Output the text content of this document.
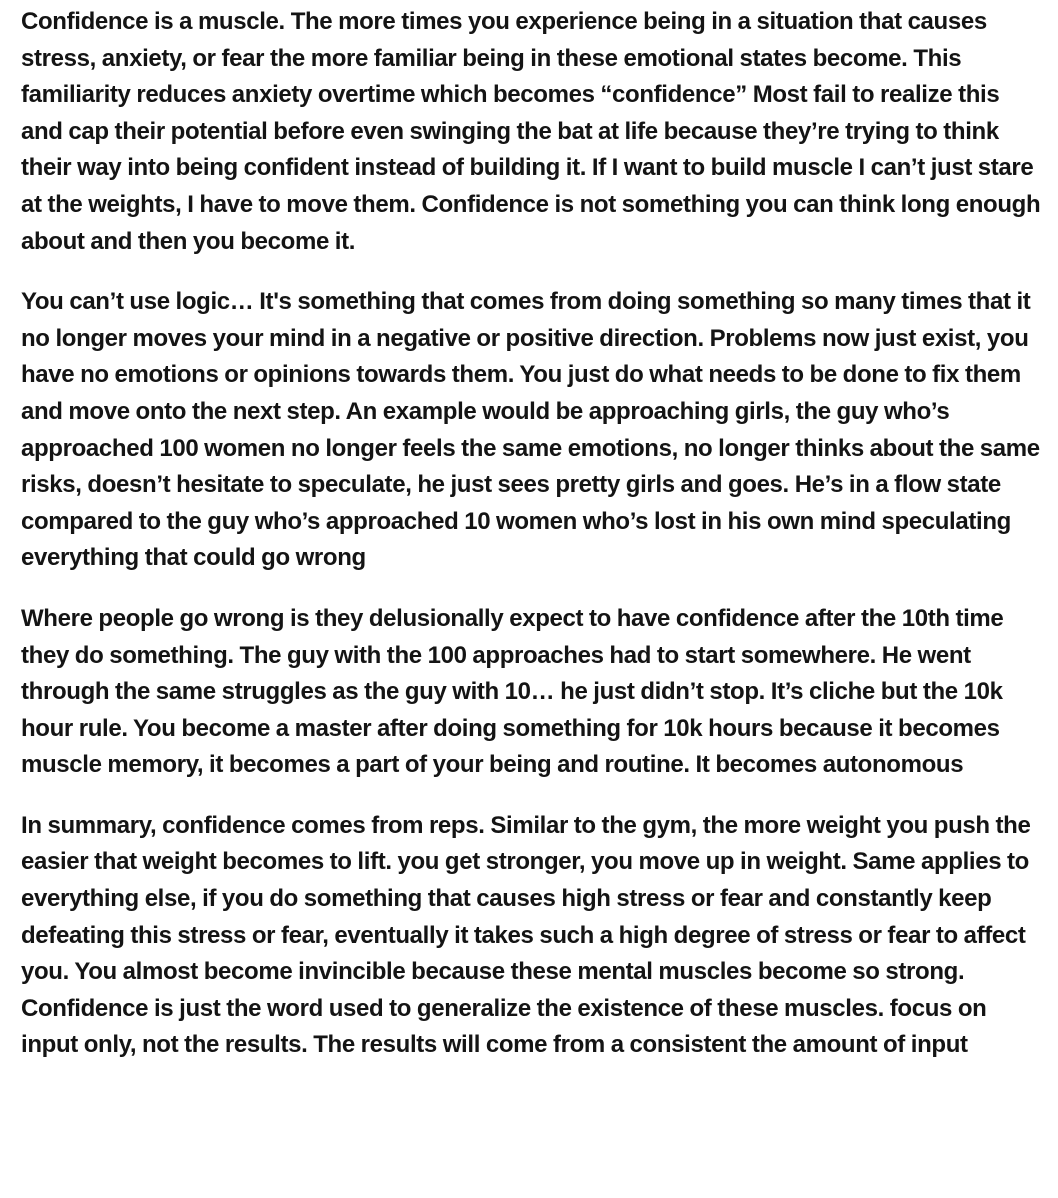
Confidence is a muscle. The more times you experience being in a situation that causes stress, anxiety, or fear the more familiar being in these emotional states become. This familiarity reduces anxiety overtime which becomes “confidence” Most fail to realize this and cap their potential before even swinging the bat at life because they’re trying to think their way into being confident instead of building it. If I want to build muscle I can’t just stare at the weights, I have to move them. Confidence is not something you can think long enough about and then you become it.

You can’t use logic… It's something that comes from doing something so many times that it no longer moves your mind in a negative or positive direction. Problems now just exist, you have no emotions or opinions towards them. You just do what needs to be done to fix them and move onto the next step. An example would be approaching girls, the guy who’s approached 100 women no longer feels the same emotions, no longer thinks about the same risks, doesn’t hesitate to speculate, he just sees pretty girls and goes. He’s in a flow state compared to the guy who’s approached 10 women who’s lost in his own mind speculating everything that could go wrong

Where people go wrong is they delusionally expect to have confidence after the 10th time they do something. The guy with the 100 approaches had to start somewhere. He went through the same struggles as the guy with 10… he just didn’t stop. It’s cliche but the 10k hour rule. You become a master after doing something for 10k hours because it becomes muscle memory, it becomes a part of your being and routine. It becomes autonomous

In summary, confidence comes from reps. Similar to the gym, the more weight you push the easier that weight becomes to lift. you get stronger, you move up in weight. Same applies to everything else, if you do something that causes high stress or fear and constantly keep defeating this stress or fear, eventually it takes such a high degree of stress or fear to affect you. You almost become invincible because these mental muscles become so strong. Confidence is just the word used to generalize the existence of these muscles. focus on input only, not the results. The results will come from a consistent the amount of input
